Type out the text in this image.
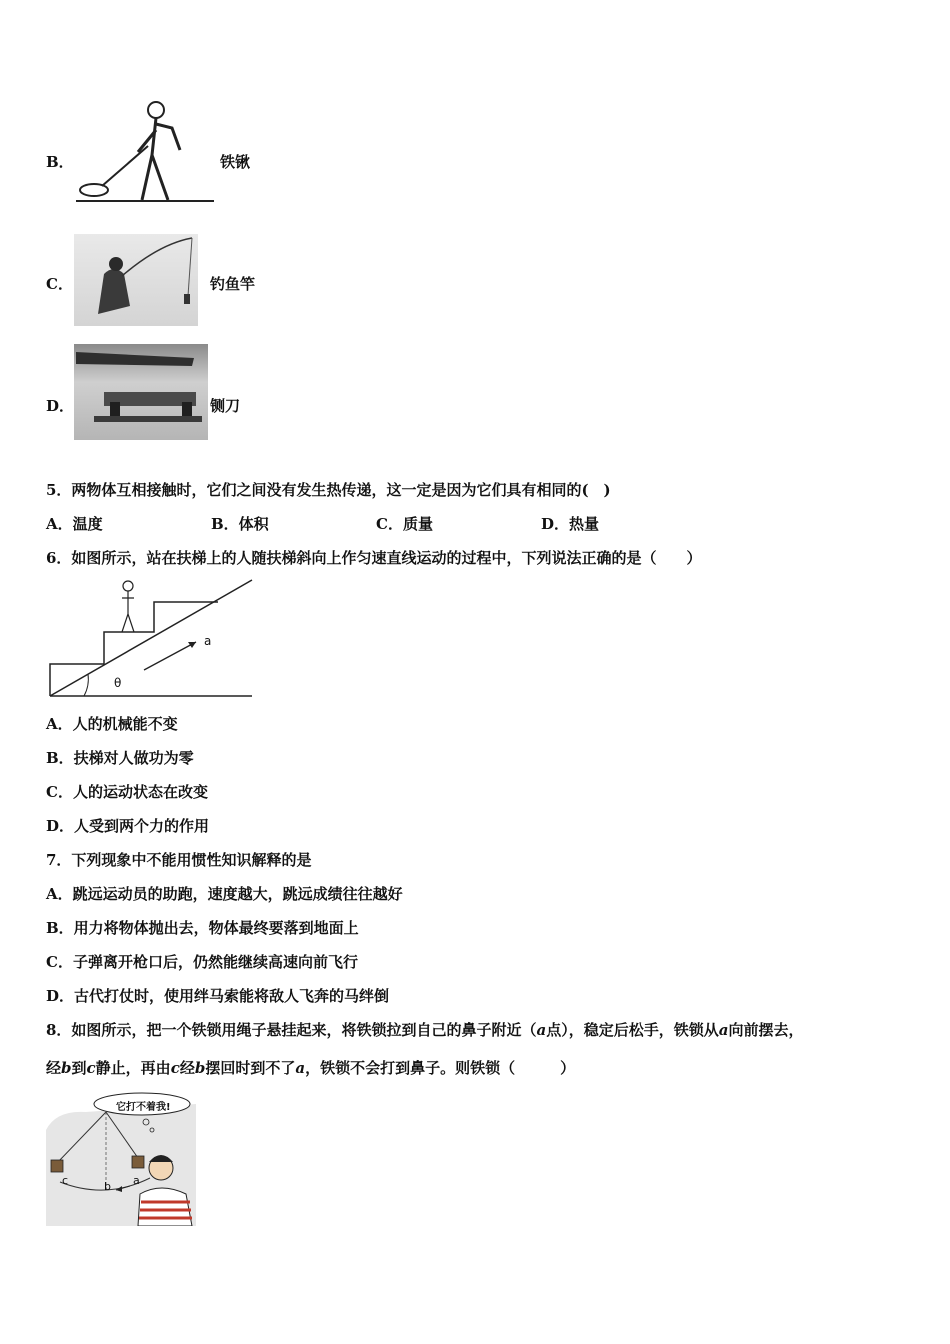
B．	铁锹
C．	钓鱼竿
D．	铡刀
5．两物体互相接触时，它们之间没有发生热传递，这一定是因为它们具有相同的(　)
A．温度	B．体积	C．质量	D．热量
6．如图所示，站在扶梯上的人随扶梯斜向上作匀速直线运动的过程中，下列说法正确的是（　　）
a
θ
A．人的机械能不变
B．扶梯对人做功为零
C．人的运动状态在改变
D．人受到两个力的作用
7．下列现象中不能用惯性知识解释的是
A．跳远运动员的助跑，速度越大，跳远成绩往往越好
B．用力将物体抛出去，物体最终要落到地面上
C．子弹离开枪口后，仍然能继续高速向前飞行
D．古代打仗时，使用绊马索能将敌人飞奔的马绊倒
8．如图所示，把一个铁锁用绳子悬挂起来，将铁锁拉到自己的鼻子附近（a点），稳定后松手，铁锁从a向前摆去，
经b到c静止，再由c经b摆回时到不了a，铁锁不会打到鼻子。则铁锁（　　　）
它打不着我!
c	b a
